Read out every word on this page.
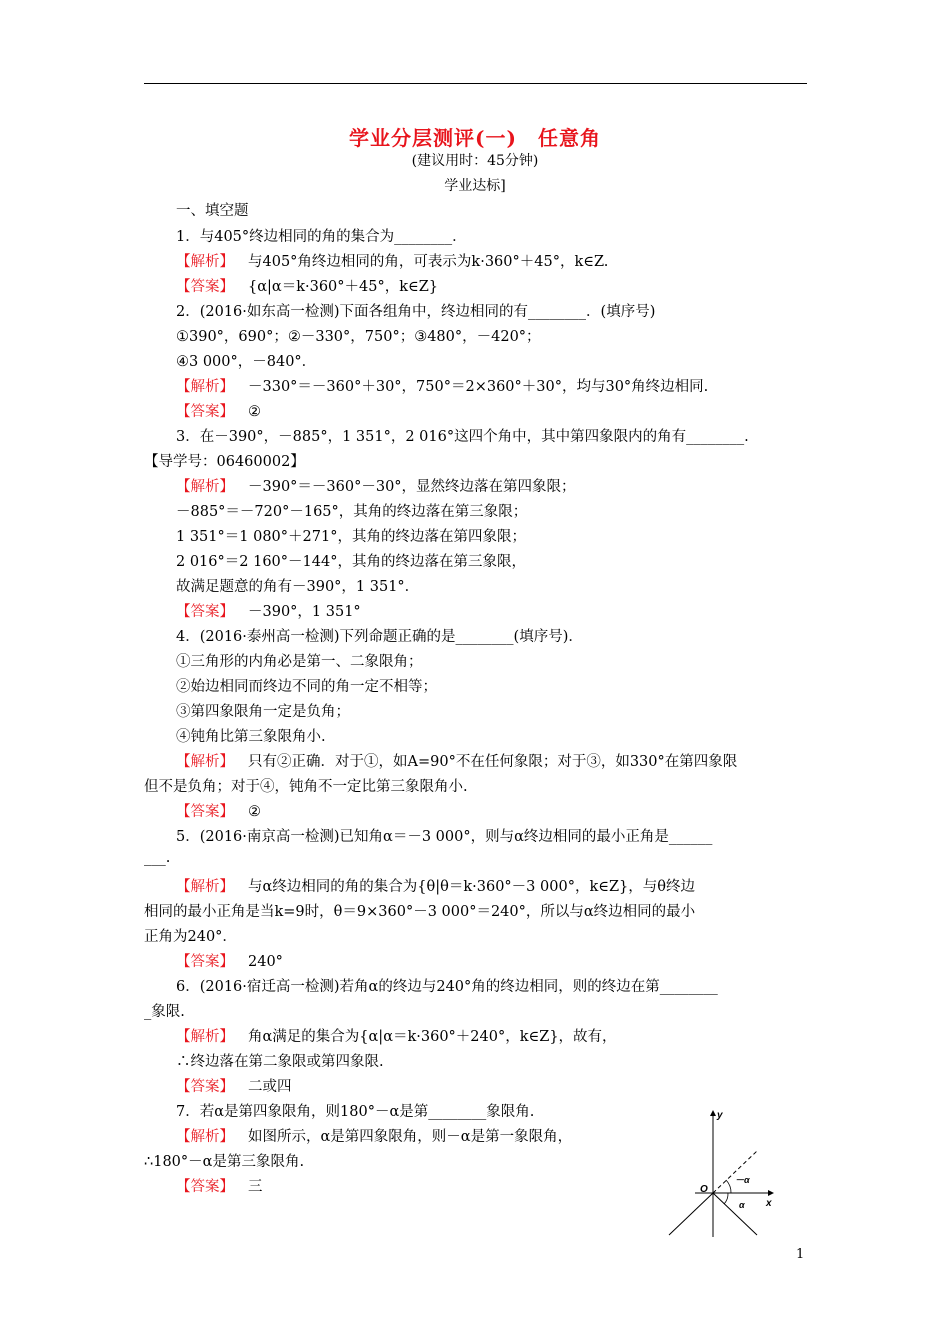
学业分层测评(一)　任意角
(建议用时：45分钟)
学业达标]
一、填空题
1．与405°终边相同的角的集合为________．
【解析】 与405°角终边相同的角，可表示为k·360°＋45°，k∈Z.
【答案】 {α|α＝k·360°＋45°，k∈Z}
2．(2016·如东高一检测)下面各组角中，终边相同的有________．(填序号)
①390°，690°；②－330°，750°；③480°，－420°；
④3 000°，－840°．
【解析】 －330°＝－360°＋30°，750°＝2×360°＋30°，均与30°角终边相同.
【答案】 ②
3．在－390°，－885°，1 351°，2 016°这四个角中，其中第四象限内的角有________.
【导学号：06460002】
【解析】 －390°＝－360°－30°，显然终边落在第四象限；
－885°＝－720°－165°，其角的终边落在第三象限；
1 351°＝1 080°＋271°，其角的终边落在第四象限；
2 016°＝2 160°－144°，其角的终边落在第三象限，
故满足题意的角有－390°，1 351°．
【答案】 －390°，1 351°
4．(2016·泰州高一检测)下列命题正确的是________(填序号)．
①三角形的内角必是第一、二象限角；
②始边相同而终边不同的角一定不相等；
③第四象限角一定是负角；
④钝角比第三象限角小.
【解析】 只有②正确．对于①，如A=90°不在任何象限；对于③，如330°在第四象限
但不是负角；对于④，钝角不一定比第三象限角小.
【答案】 ②
5．(2016·南京高一检测)已知角α＝－3 000°，则与α终边相同的最小正角是______
___.
【解析】 与α终边相同的角的集合为{θ|θ＝k·360°－3 000°，k∈Z}，与θ终边
相同的最小正角是当k=9时，θ＝9×360°－3 000°＝240°，所以与α终边相同的最小
正角为240°．
【答案】 240°
6．(2016·宿迁高一检测)若角α的终边与240°角的终边相同，则的终边在第________
_象限.
【解析】 角α满足的集合为{α|α＝k·360°＋240°，k∈Z}，故有，
∴终边落在第二象限或第四象限.
【答案】 二或四
7．若α是第四象限角，则180°－α是第________象限角.
【解析】 如图所示，α是第四象限角，则－α是第一象限角，
∴180°－α是第三象限角.
【答案】 三
y
x
O
－α
α
1
